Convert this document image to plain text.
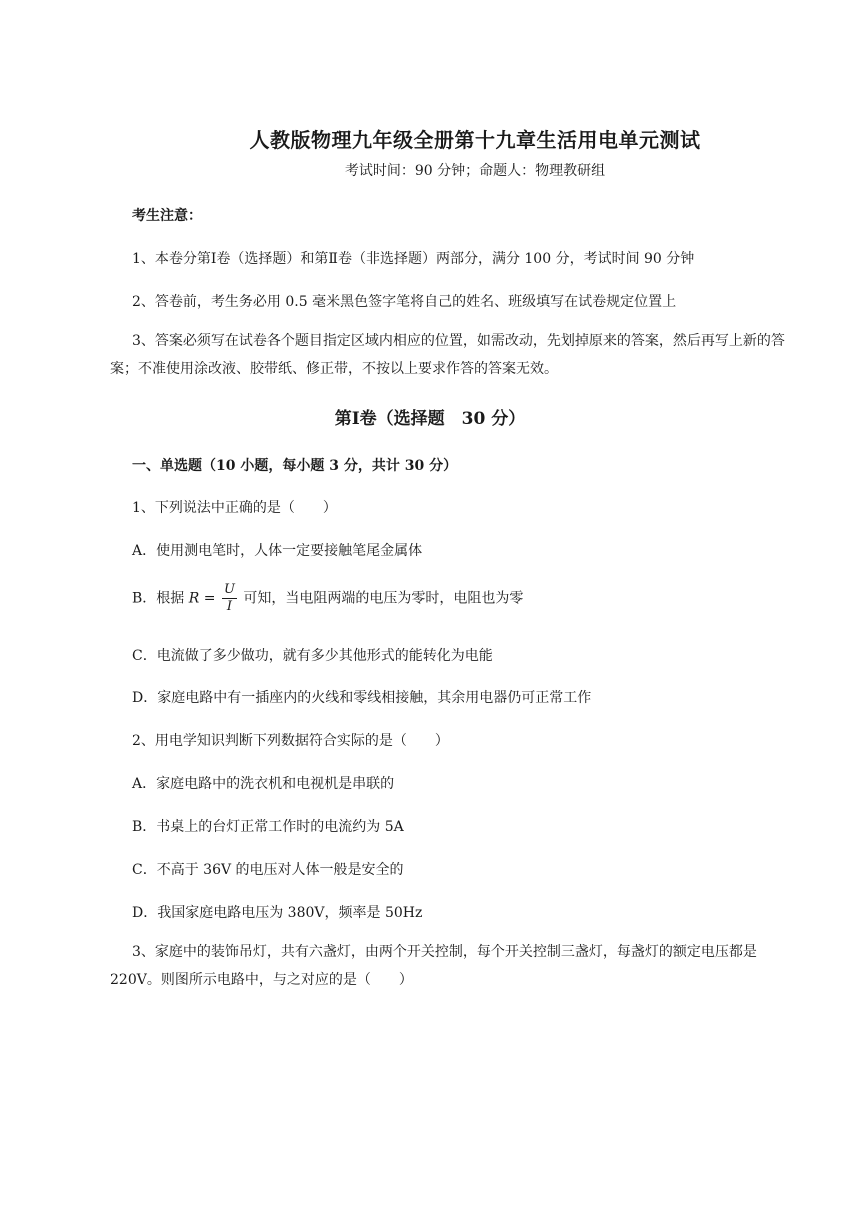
人教版物理九年级全册第十九章生活用电单元测试
考试时间：90 分钟；命题人：物理教研组
考生注意：
1、本卷分第Ⅰ卷（选择题）和第Ⅱ卷（非选择题）两部分，满分 100 分，考试时间 90 分钟
2、答卷前，考生务必用 0.5 毫米黑色签字笔将自己的姓名、班级填写在试卷规定位置上
3、答案必须写在试卷各个题目指定区域内相应的位置，如需改动，先划掉原来的答案，然后再写上新的答案；不准使用涂改液、胶带纸、修正带，不按以上要求作答的答案无效。
第Ⅰ卷（选择题　30 分）
一、单选题（10 小题，每小题 3 分，共计 30 分）
1、下列说法中正确的是（　　）
A．使用测电笔时，人体一定要接触笔尾金属体
B．根据 $R = \frac{U}{I}$ 可知，当电阻两端的电压为零时，电阻也为零
C．电流做了多少做功，就有多少其他形式的能转化为电能
D．家庭电路中有一插座内的火线和零线相接触，其余用电器仍可正常工作
2、用电学知识判断下列数据符合实际的是（　　）
A．家庭电路中的洗衣机和电视机是串联的
B．书桌上的台灯正常工作时的电流约为 5A
C．不高于 36V 的电压对人体一般是安全的
D．我国家庭电路电压为 380V，频率是 50Hz
3、家庭中的装饰吊灯，共有六盏灯，由两个开关控制，每个开关控制三盏灯，每盏灯的额定电压都是 220V。则图所示电路中，与之对应的是（　　）
